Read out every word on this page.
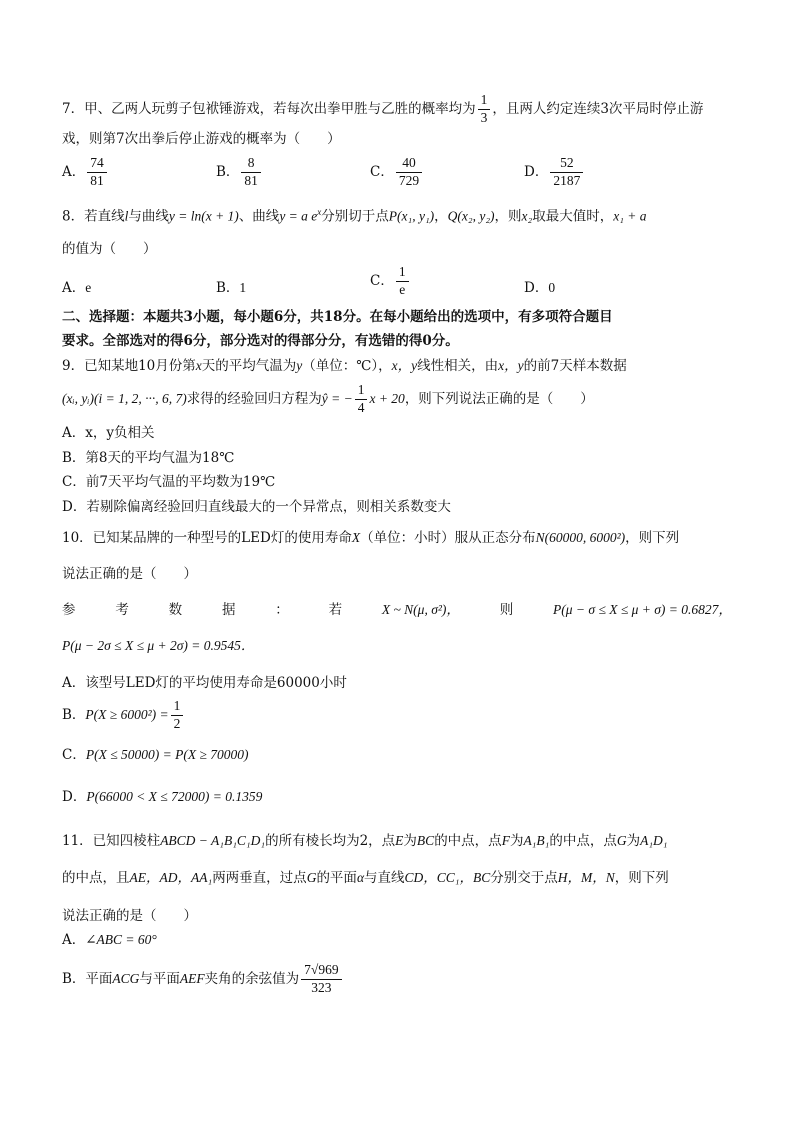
7．甲、乙两人玩剪子包袱锤游戏，若每次出拳甲胜与乙胜的概率均为 $\frac{1}{3}$ ，且两人约定连续3次平局时停止游
戏，则第7次出拳后停止游戏的概率为（　　）
A． $\frac{74}{81}$	B． $\frac{8}{81}$	C． $\frac{40}{729}$	D． $\frac{52}{2187}$
8．若直线l与曲线y = ln(x + 1)、曲线y = a $e^x$分别切于点P(x₁, y₁)，Q(x₂, y₂)，则x₂取最大值时，x₁ + a
的值为（　　）
A．e	B．1	C． $\frac{1}{e}$	D．0
二、选择题：本题共3小题，每小题6分，共18分。在每小题给出的选项中，有多项符合题目
要求。全部选对的得6分，部分选对的得部分分，有选错的得0分。
9．已知某地10月份第x天的平均气温为y（单位：℃），x，y线性相关，由x，y的前7天样本数据
(xᵢ, yᵢ)(i = 1, 2, ···, 6, 7)求得的经验回归方程为ŷ = − $\frac{1}{4}$ x + 20，则下列说法正确的是（　　）
A．x，y负相关
B．第8天的平均气温为18℃
C．前7天平均气温的平均数为19℃
D．若剔除偏离经验回归直线最大的一个异常点，则相关系数变大
10．已知某品牌的一种型号的LED灯的使用寿命X（单位：小时）服从正态分布N(60000, 6000²)，则下列
说法正确的是（　　）
参	考	数	据	：	若	X ~ N(μ, σ²)，	则	P(μ − σ ≤ X ≤ μ + σ) = 0.6827，
P(μ − 2σ ≤ X ≤ μ + 2σ) = 0.9545．
A．该型号LED灯的平均使用寿命是60000小时
B．$P(X \ge 6000^2) = \frac{1}{2}$
C．P(X ≤ 50000) = P(X ≥ 70000)
D．P(66000 < X ≤ 72000) = 0.1359
11．已知四棱柱ABCD − A₁B₁C₁D₁的所有棱长均为2，点E为BC的中点，点F为A₁B₁的中点，点G为A₁D₁
的中点，且AE，AD，AA₁两两垂直，过点G的平面α与直线CD，CC₁，BC分别交于点H，M，N，则下列
说法正确的是（　　）
A．∠ABC = 60°
B．平面ACG与平面AEF夹角的余弦值为 $\frac{7√969}{323}$
